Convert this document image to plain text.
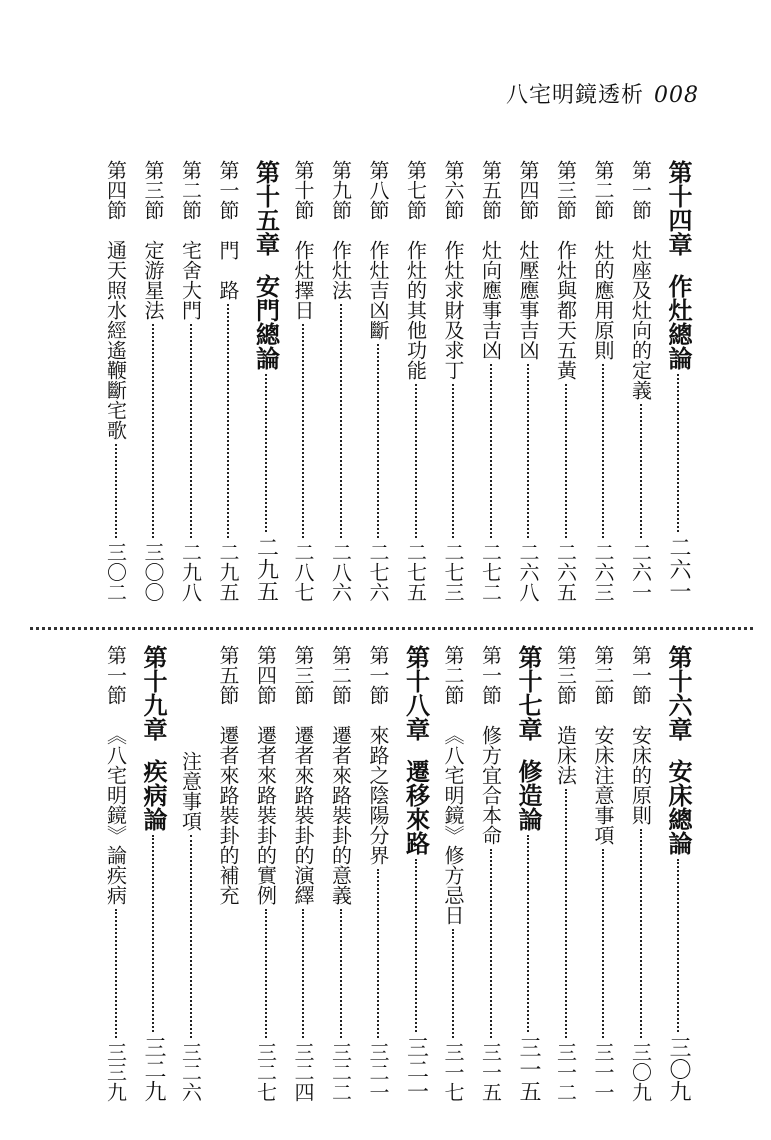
八宅明鏡透析 008
第十四章
作灶總論
二六一
第一節
灶座及灶向的定義
二六一
第二節
灶的應用原則
二六三
第三節
作灶與都天五黃
二六五
第四節
灶壓應事吉凶
二六八
第五節
灶向應事吉凶
二七二
第六節
作灶求財及求丁
二七三
第七節
作灶的其他功能
二七五
第八節
作灶吉凶斷
二七六
第九節
作灶法
二八六
第十節
作灶擇日
二八七
第十五章
安門總論
二九五
第一節
門　路
二九五
第二節
宅舍大門
二九八
第三節
定游星法
三〇〇
第四節
通天照水經遙鞭斷宅歌
三〇二
第十六章
安床總論
三〇九
第一節
安床的原則
三〇九
第二節
安床注意事項
三一一
第三節
造床法
三一二
第十七章
修造論
三一五
第一節
修方宜合本命
三一五
第二節
《八宅明鏡》修方忌日
三一七
第十八章
遷移來路
三二一
第一節
來路之陰陽分界
三二一
第二節
遷者來路裝卦的意義
三二二
第三節
遷者來路裝卦的演繹
三二四
第四節
遷者來路裝卦的實例
三二七
第五節
遷者來路裝卦的補充
注意事項
三二六
第十九章
疾病論
三二九
第一節
《八宅明鏡》論疾病
三三九
